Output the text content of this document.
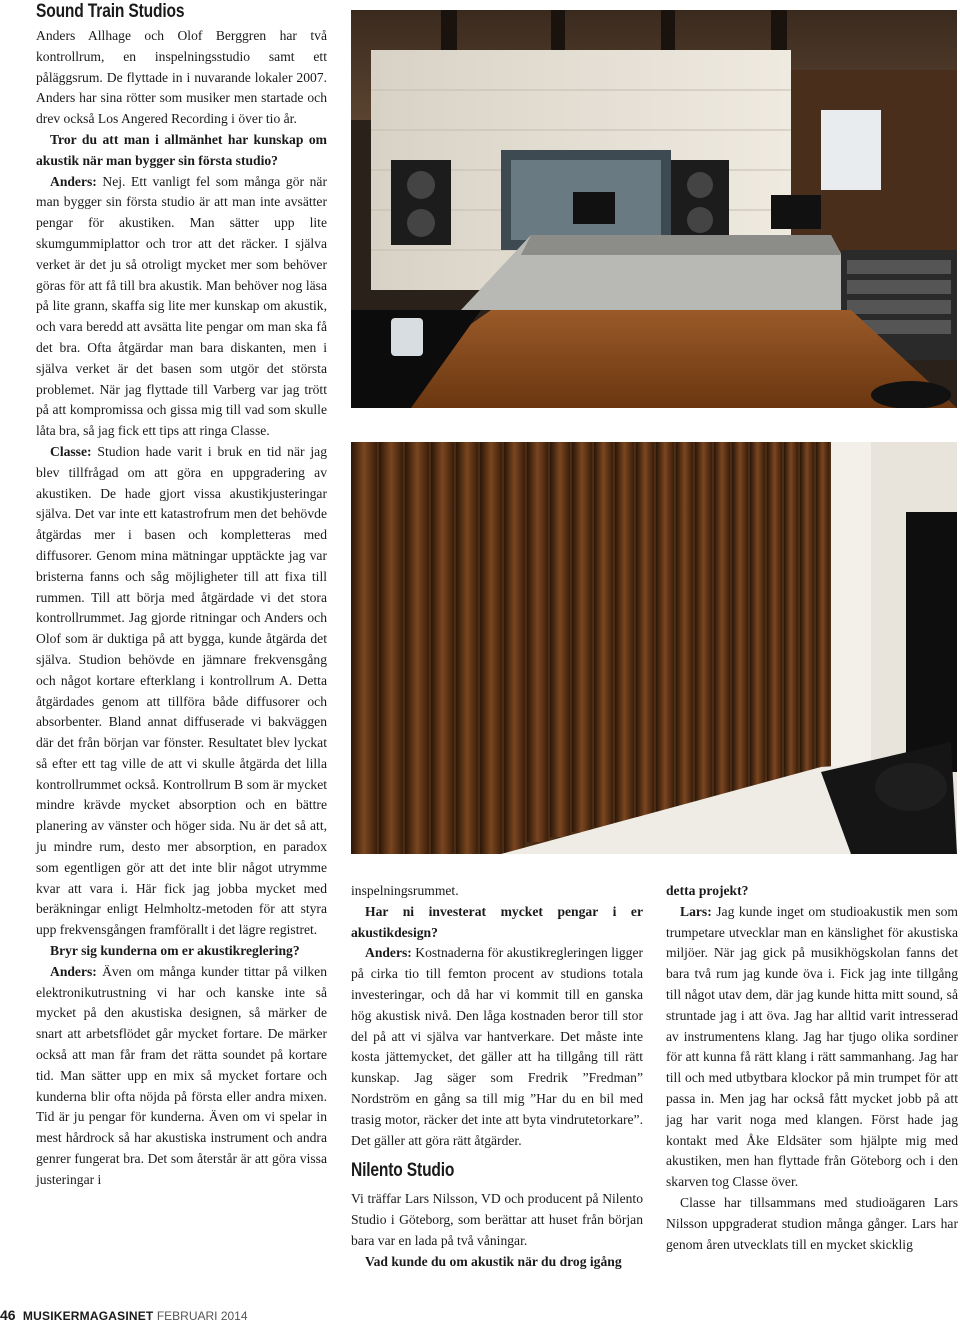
Sound Train Studios

Anders Allhage och Olof Berggren har två kontrollrum, en inspelningsstudio samt ett påläggsrum. De flyttade in i nuvarande lokaler 2007. Anders har sina rötter som musiker men startade och drev också Los Angered Recording i över tio år.

Tror du att man i allmänhet har kunskap om akustik när man bygger sin första studio?

Anders: Nej. Ett vanligt fel som många gör när man bygger sin första studio är att man inte avsätter pengar för akustiken. Man sätter upp lite skumgummiplattor och tror att det räcker. I själva verket är det ju så otroligt mycket mer som behöver göras för att få till bra akustik. Man behöver nog läsa på lite grann, skaffa sig lite mer kunskap om akustik, och vara beredd att avsätta lite pengar om man ska få det bra. Ofta åtgärdar man bara diskanten, men i själva verket är det basen som utgör det största problemet. När jag flyttade till Varberg var jag trött på att kompromissa och gissa mig till vad som skulle låta bra, så jag fick ett tips att ringa Classe.

Classe: Studion hade varit i bruk en tid när jag blev tillfrågad om att göra en uppgradering av akustiken. De hade gjort vissa akustikjusteringar själva. Det var inte ett katastrofrum men det behövde åtgärdas mer i basen och kompletteras med diffusorer. Genom mina mätningar upptäckte jag var bristerna fanns och såg möjligheter till att fixa till rummen. Till att börja med åtgärdade vi det stora kontrollrummet. Jag gjorde ritningar och Anders och Olof som är duktiga på att bygga, kunde åtgärda det själva. Studion behövde en jämnare frekvensgång och något kortare efterklang i kontrollrum A. Detta åtgärdades genom att tillföra både diffusorer och absorbenter. Bland annat diffuserade vi bakväggen där det från början var fönster. Resultatet blev lyckat så efter ett tag ville de att vi skulle åtgärda det lilla kontrollrummet också. Kontrollrum B som är mycket mindre krävde mycket absorption och en bättre planering av vänster och höger sida. Nu är det så att, ju mindre rum, desto mer absorption, en paradox som egentligen gör att det inte blir något utrymme kvar att vara i. Här fick jag jobba mycket med beräkningar enligt Helmholtz-metoden för att styra upp frekvensgången framförallt i det lägre registret.

Bryr sig kunderna om er akustikreglering?

Anders: Även om många kunder tittar på vilken elektronikutrustning vi har och kanske inte så mycket på den akustiska designen, så märker de snart att arbetsflödet går mycket fortare. De märker också att man får fram det rätta soundet på kortare tid. Man sätter upp en mix så mycket fortare och kunderna blir ofta nöjda på första eller andra mixen. Tid är ju pengar för kunderna. Även om vi spelar in mest hårdrock så har akustiska instrument och andra genrer fungerat bra. Det som återstår är att göra vissa justeringar i

inspelningsrummet.

Har ni investerat mycket pengar i er akustikdesign?

Anders: Kostnaderna för akustikregleringen ligger på cirka tio till femton procent av studions totala investeringar, och då har vi kommit till en ganska hög akustisk nivå. Den låga kostnaden beror till stor del på att vi själva var hantverkare. Det måste inte kosta jättemycket, det gäller att ha tillgång till rätt kunskap. Jag säger som Fredrik ”Fredman” Nordström en gång sa till mig ”Har du en bil med trasig motor, räcker det inte att byta vindrutetorkare”. Det gäller att göra rätt åtgärder.

Nilento Studio

Vi träffar Lars Nilsson, VD och producent på Nilento Studio i Göteborg, som berättar att huset från början bara var en lada på två våningar.

Vad kunde du om akustik när du drog igång

detta projekt?

Lars: Jag kunde inget om studioakustik men som trumpetare utvecklar man en känslighet för akustiska miljöer. När jag gick på musikhögskolan fanns det bara två rum jag kunde öva i. Fick jag inte tillgång till något utav dem, där jag kunde hitta mitt sound, så struntade jag i att öva. Jag har alltid varit intresserad av instrumentens klang. Jag har tjugo olika sordiner för att kunna få rätt klang i rätt sammanhang. Jag har till och med utbytbara klockor på min trumpet för att passa in. Men jag har också fått mycket jobb på att jag har varit noga med klangen. Först hade jag kontakt med Åke Eldsäter som hjälpte mig med akustiken, men han flyttade från Göteborg och i den skarven tog Classe över.

Classe har tillsammans med studioägaren Lars Nilsson uppgraderat studion många gånger. Lars har genom åren utvecklats till en mycket skicklig

46 MUSIKERMAGASINET FEBRUARI 2014
